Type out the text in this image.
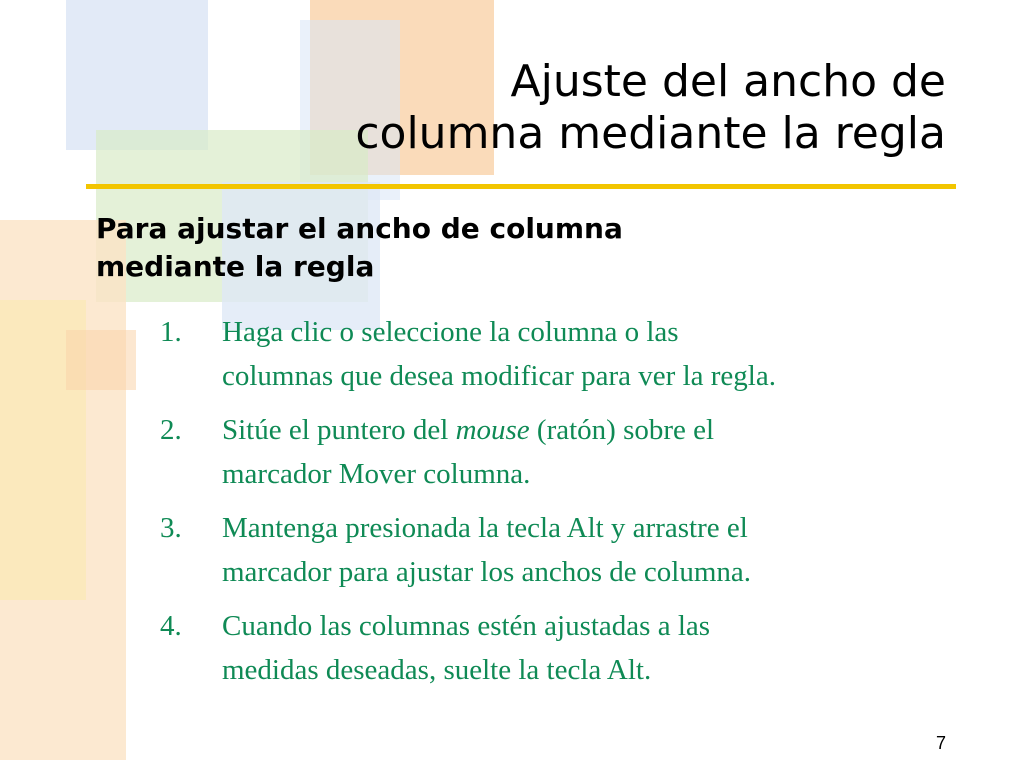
Ajuste del ancho de
columna mediante la regla
Para ajustar el ancho de columna
mediante la regla
1. Haga clic o seleccione la columna o las
columnas que desea modificar para ver la regla.
2. Sitúe el puntero del mouse (ratón) sobre el
marcador Mover columna.
3. Mantenga presionada la tecla Alt y arrastre el
marcador para ajustar los anchos de columna.
4. Cuando las columnas estén ajustadas a las
medidas deseadas, suelte la tecla Alt.
7
